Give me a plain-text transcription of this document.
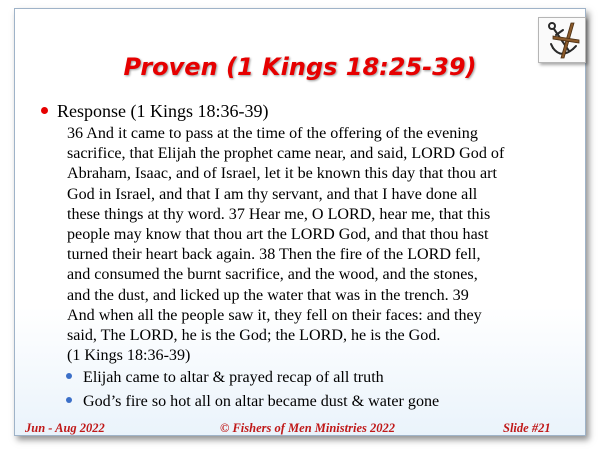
Proven (1 Kings 18:25-39)
Response (1 Kings 18:36-39)
36 And it came to pass at the time of the offering of the evening
sacrifice, that Elijah the prophet came near, and said, LORD God of
Abraham, Isaac, and of Israel, let it be known this day that thou art
God in Israel, and that I am thy servant, and that I have done all
these things at thy word. 37 Hear me, O LORD, hear me, that this
people may know that thou art the LORD God, and that thou hast
turned their heart back again. 38 Then the fire of the LORD fell,
and consumed the burnt sacrifice, and the wood, and the stones,
and the dust, and licked up the water that was in the trench. 39
And when all the people saw it, they fell on their faces: and they
said, The LORD, he is the God; the LORD, he is the God.
(1 Kings 18:36-39)
Elijah came to altar & prayed recap of all truth
God’s fire so hot all on altar became dust & water gone
Jun - Aug 2022	© Fishers of Men Ministries 2022	Slide #21
